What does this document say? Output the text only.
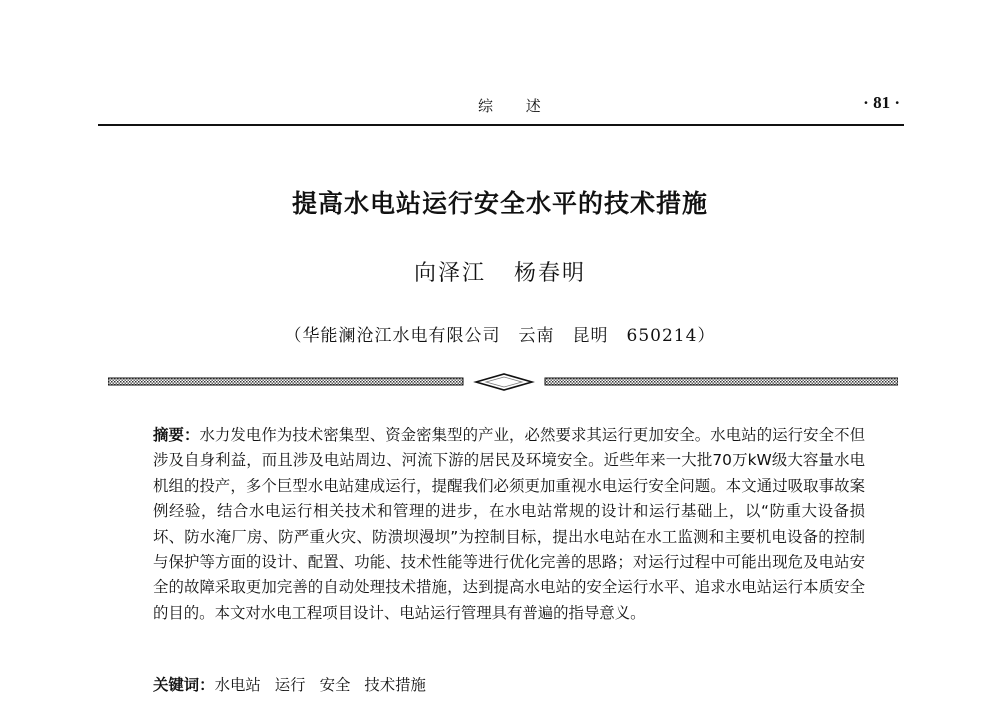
综 述	· 81 ·
提高水电站运行安全水平的技术措施
向泽江 杨春明
（华能澜沧江水电有限公司　云南　昆明　650214）
摘要：水力发电作为技术密集型、资金密集型的产业，必然要求其运行更加安全。水电站的运行安全不但涉及自身利益，而且涉及电站周边、河流下游的居民及环境安全。近些年来一大批70万kW级大容量水电机组的投产，多个巨型水电站建成运行，提醒我们必须更加重视水电运行安全问题。本文通过吸取事故案例经验，结合水电运行相关技术和管理的进步，在水电站常规的设计和运行基础上，以“防重大设备损坏、防水淹厂房、防严重火灾、防溃坝漫坝”为控制目标，提出水电站在水工监测和主要机电设备的控制与保护等方面的设计、配置、功能、技术性能等进行优化完善的思路；对运行过程中可能出现危及电站安全的故障采取更加完善的自动处理技术措施，达到提高水电站的安全运行水平、追求水电站运行本质安全的目的。本文对水电工程项目设计、电站运行管理具有普遍的指导意义。
关键词：水电站 运行 安全 技术措施
